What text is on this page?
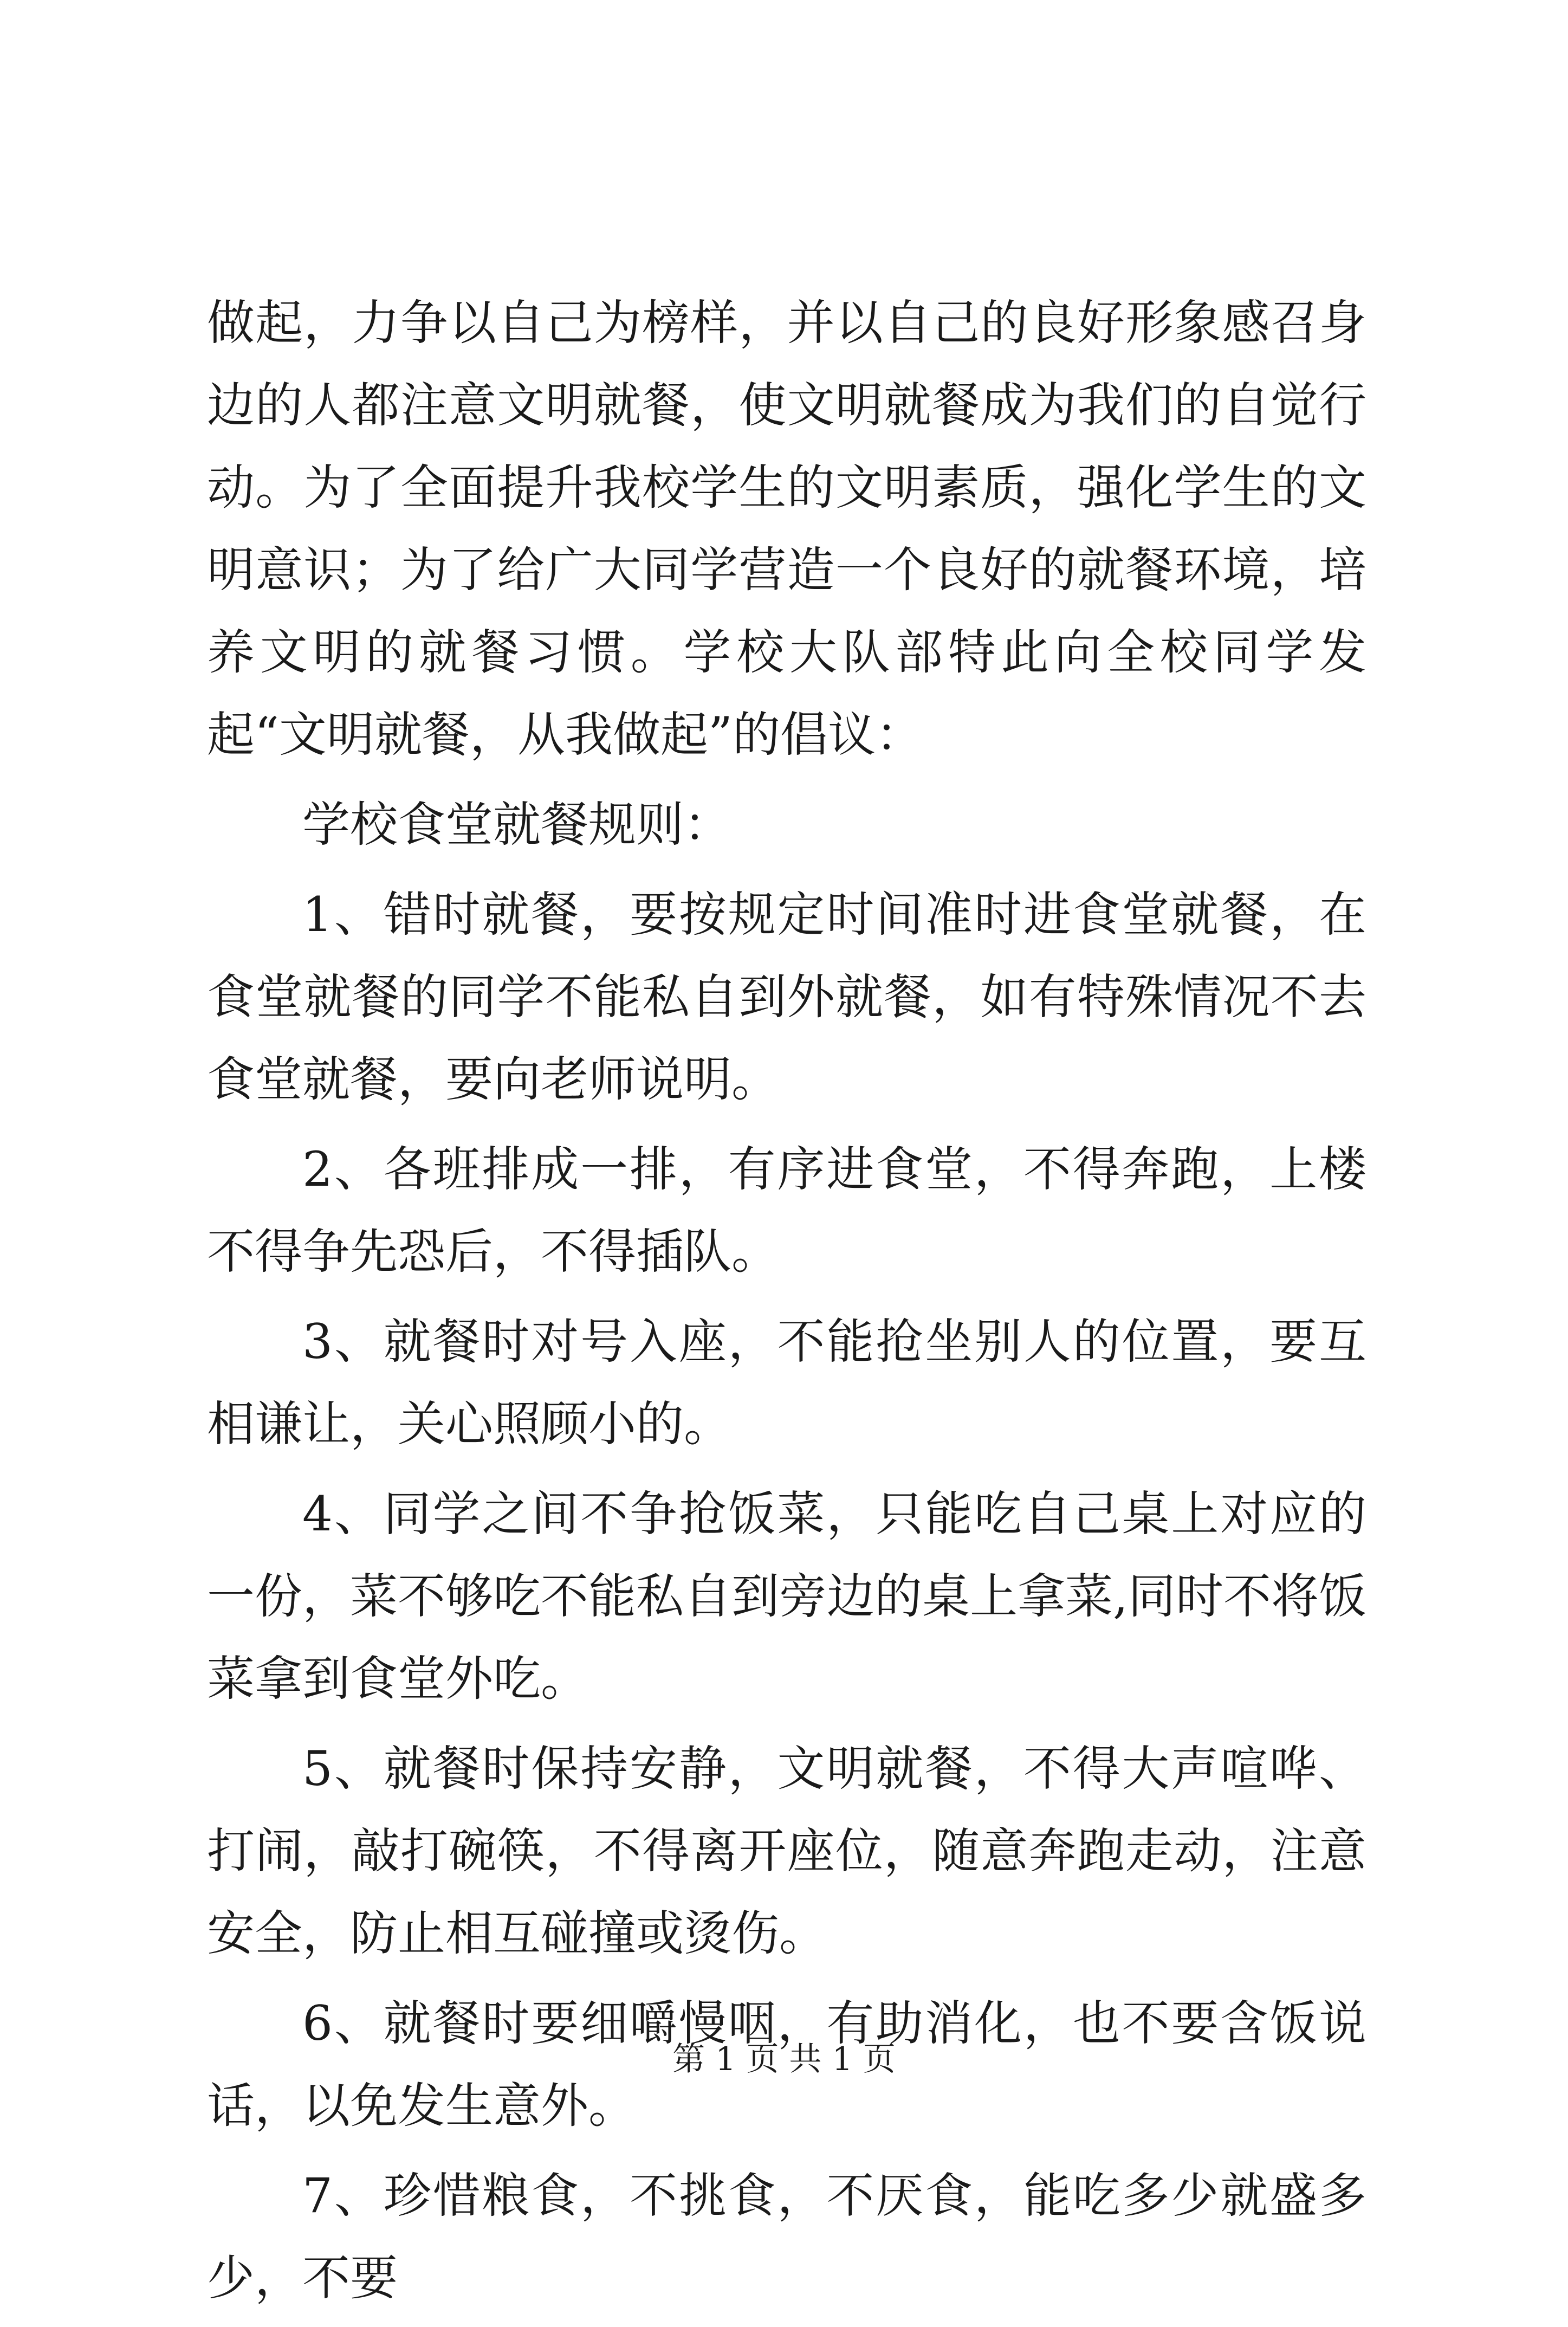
做起，力争以自己为榜样，并以自己的良好形象感召身边的人都注意文明就餐，使文明就餐成为我们的自觉行动。为了全面提升我校学生的文明素质，强化学生的文明意识；为了给广大同学营造一个良好的就餐环境，培养文明的就餐习惯。学校大队部特此向全校同学发起“文明就餐，从我做起”的倡议：

学校食堂就餐规则：

1、错时就餐，要按规定时间准时进食堂就餐，在食堂就餐的同学不能私自到外就餐，如有特殊情况不去食堂就餐，要向老师说明。

2、各班排成一排，有序进食堂，不得奔跑，上楼不得争先恐后，不得插队。

3、就餐时对号入座，不能抢坐别人的位置，要互相谦让，关心照顾小的。

4、同学之间不争抢饭菜，只能吃自己桌上对应的一份，菜不够吃不能私自到旁边的桌上拿菜,同时不将饭菜拿到食堂外吃。

5、就餐时保持安静，文明就餐，不得大声喧哗、打闹，敲打碗筷，不得离开座位，随意奔跑走动，注意安全，防止相互碰撞或烫伤。

6、就餐时要细嚼慢咽，有助消化，也不要含饭说话，以免发生意外。

7、珍惜粮食，不挑食，不厌食，能吃多少就盛多少，不要

第 1 页 共 1 页
